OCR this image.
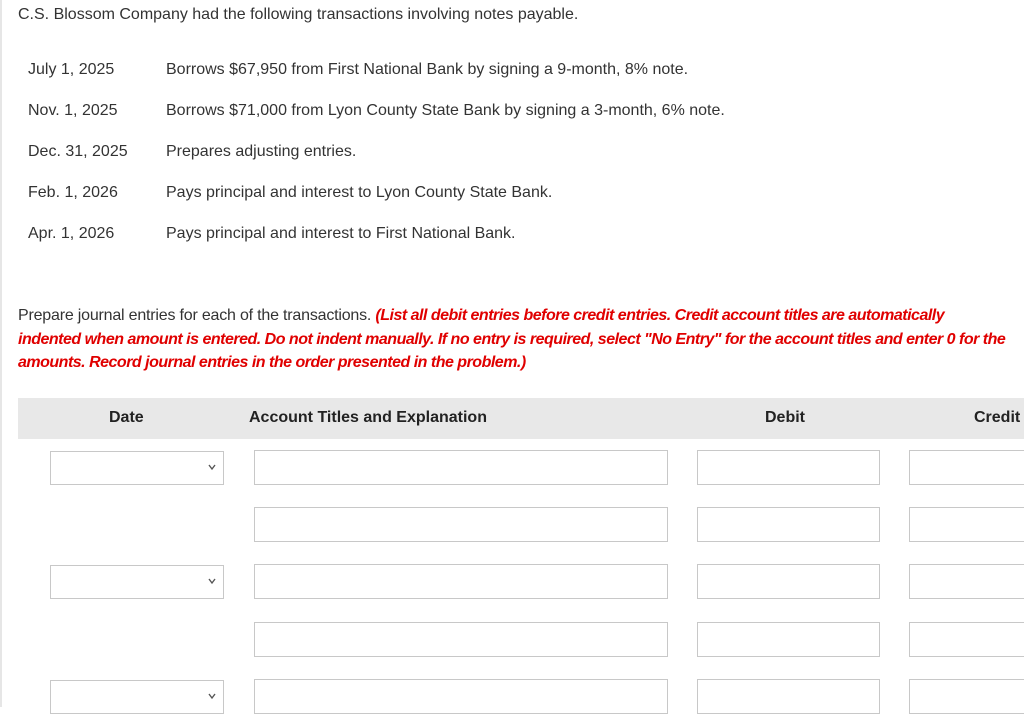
C.S. Blossom Company had the following transactions involving notes payable.
July 1, 2025	Borrows $67,950 from First National Bank by signing a 9-month, 8% note.
Nov. 1, 2025	Borrows $71,000 from Lyon County State Bank by signing a 3-month, 6% note.
Dec. 31, 2025 Prepares adjusting entries.
Feb. 1, 2026	Pays principal and interest to Lyon County State Bank.
Apr. 1, 2026	Pays principal and interest to First National Bank.
Prepare journal entries for each of the transactions. (List all debit entries before credit entries. Credit account titles are automatically indented when amount is entered. Do not indent manually. If no entry is required, select "No Entry" for the account titles and enter 0 for the amounts. Record journal entries in the order presented in the problem.)
Date	Account Titles and Explanation	Debit	Credit
